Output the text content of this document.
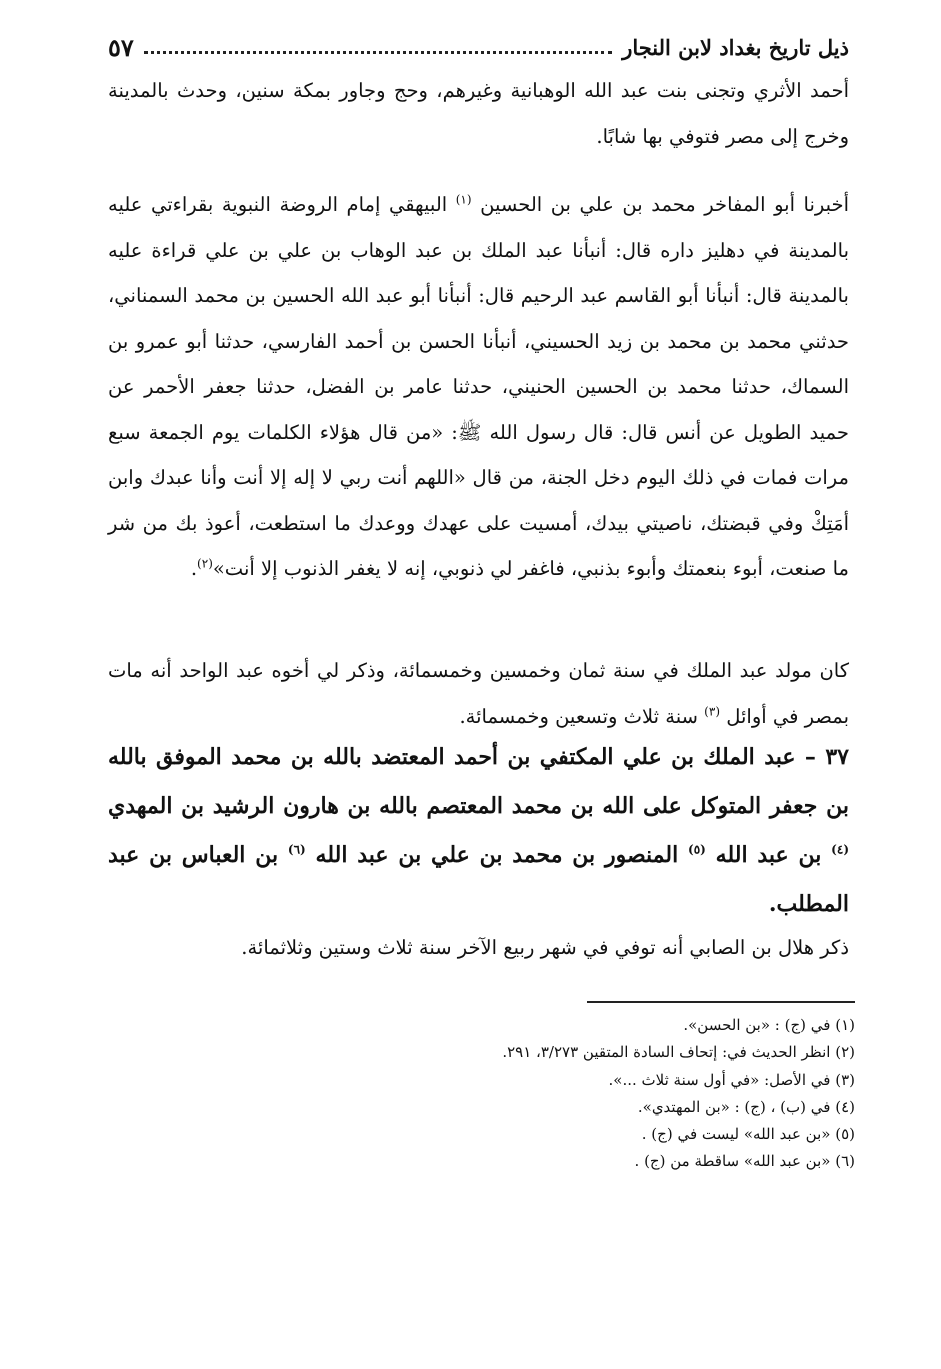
ذيل تاريخ بغداد لابن النجار
٥٧

أحمد الأثري وتجنى بنت عبد الله الوهبانية وغيرهم، وحج وجاور بمكة سنين، وحدث بالمدينة وخرج إلى مصر فتوفي بها شابًا.

أخبرنا أبو المفاخر محمد بن علي بن الحسين $^{(١)}$ البيهقي إمام الروضة النبوية بقراءتي عليه بالمدينة في دهليز داره قال: أنبأنا عبد الملك بن عبد الوهاب بن علي بن علي قراءة عليه بالمدينة قال: أنبأنا أبو القاسم عبد الرحيم قال: أنبأنا أبو عبد الله الحسين بن محمد السمناني، حدثني محمد بن محمد بن زيد الحسيني، أنبأنا الحسن بن أحمد الفارسي، حدثنا أبو عمرو بن السماك، حدثنا محمد بن الحسين الحنيني، حدثنا عامر بن الفضل، حدثنا جعفر الأحمر عن حميد الطويل عن أنس قال: قال رسول الله ﷺ: «من قال هؤلاء الكلمات يوم الجمعة سبع مرات فمات في ذلك اليوم دخل الجنة، من قال «اللهم أنت ربي لا إله إلا أنت وأنا عبدك وابن أمَتِكْ وفي قبضتك، ناصيتي بيدك، أمسيت على عهدك ووعدك ما استطعت، أعوذ بك من شر ما صنعت، أبوء بنعمتك وأبوء بذنبي، فاغفر لي ذنوبي، إنه لا يغفر الذنوب إلا أنت»$^{(٢)}$.

كان مولد عبد الملك في سنة ثمان وخمسين وخمسمائة، وذكر لي أخوه عبد الواحد أنه مات بمصر في أوائل $^{(٣)}$ سنة ثلاث وتسعين وخمسمائة.

٣٧ – عبد الملك بن علي المكتفي بن أحمد المعتضد بالله بن محمد الموفق بالله بن جعفر المتوكل على الله بن محمد المعتصم بالله بن هارون الرشيد بن المهدي $^{(٤)}$ بن عبد الله $^{(٥)}$ المنصور بن محمد بن علي بن عبد الله $^{(٦)}$ بن العباس بن عبد المطلب.

ذكر هلال بن الصابي أنه توفي في شهر ربيع الآخر سنة ثلاث وستين وثلاثمائة.

(١) في (ج) : «بن الحسن».
(٢) انظر الحديث في: إتحاف السادة المتقين ٣/٢٧٣، ٢٩١.
(٣) في الأصل: «في أول سنة ثلاث ...».
(٤) في (ب) ، (ج) : «بن المهتدي».
(٥) «بن عبد الله» ليست في (ج) .
(٦) «بن عبد الله» ساقطة من (ج) .
